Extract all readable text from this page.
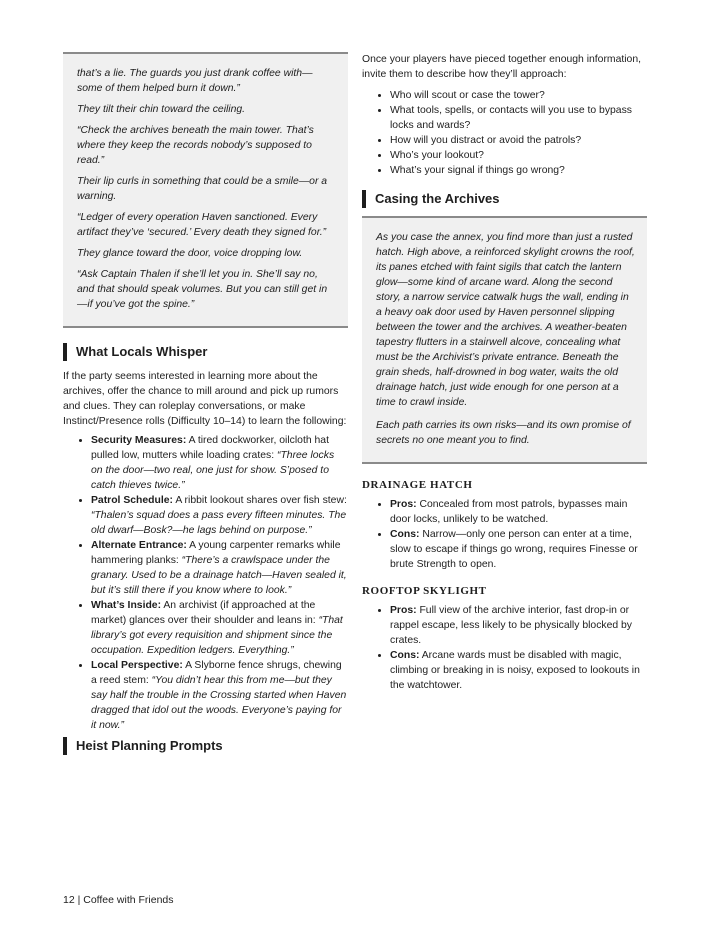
that’s a lie. The guards you just drank coffee with—some of them helped burn it down.”

They tilt their chin toward the ceiling.

“Check the archives beneath the main tower. That’s where they keep the records nobody’s supposed to read.”

Their lip curls in something that could be a smile—or a warning.

“Ledger of every operation Haven sanctioned. Every artifact they’ve ‘secured.’ Every death they signed for.”

They glance toward the door, voice dropping low.

“Ask Captain Thalen if she’ll let you in. She’ll say no, and that should speak volumes. But you can still get in—if you’ve got the spine.”

What Locals Whisper

If the party seems interested in learning more about the archives, offer the chance to mill around and pick up rumors and clues. They can roleplay conversations, or make Instinct/Presence rolls (Difficulty 10–14) to learn the following:

• Security Measures: A tired dockworker, oilcloth hat pulled low, mutters while loading crates: “Three locks on the door—two real, one just for show. S’posed to catch thieves twice.”
• Patrol Schedule: A ribbit lookout shares over fish stew: “Thalen’s squad does a pass every fifteen minutes. The old dwarf—Bosk?—he lags behind on purpose.”
• Alternate Entrance: A young carpenter remarks while hammering planks: “There’s a crawlspace under the granary. Used to be a drainage hatch—Haven sealed it, but it’s still there if you know where to look.”
• What’s Inside: An archivist (if approached at the market) glances over their shoulder and leans in: “That library’s got every requisition and shipment since the occupation. Expedition ledgers. Everything.”
• Local Perspective: A Slyborne fence shrugs, chewing a reed stem: “You didn’t hear this from me—but they say half the trouble in the Crossing started when Haven dragged that idol out the woods. Everyone’s paying for it now.”
Heist Planning Prompts

Once your players have pieced together enough information, invite them to describe how they’ll approach:

• Who will scout or case the tower?
• What tools, spells, or contacts will you use to bypass locks and wards?
• How will you distract or avoid the patrols?
• Who’s your lookout?
• What’s your signal if things go wrong?
Casing the Archives

As you case the annex, you find more than just a rusted hatch. High above, a reinforced skylight crowns the roof, its panes etched with faint sigils that catch the lantern glow—some kind of arcane ward. Along the second story, a narrow service catwalk hugs the wall, ending in a heavy oak door used by Haven personnel slipping between the tower and the archives. A weather-beaten tapestry flutters in a stairwell alcove, concealing what must be the Archivist’s private entrance. Beneath the grain sheds, half-drowned in bog water, waits the old drainage hatch, just wide enough for one person at a time to crawl inside.

Each path carries its own risks—and its own promise of secrets no one meant you to find.

DRAINAGE HATCH
• Pros: Concealed from most patrols, bypasses main door locks, unlikely to be watched.
• Cons: Narrow—only one person can enter at a time, slow to escape if things go wrong, requires Finesse or brute Strength to open.
ROOFTOP SKYLIGHT
• Pros: Full view of the archive interior, fast drop-in or rappel escape, less likely to be physically blocked by crates.
• Cons: Arcane wards must be disabled with magic, climbing or breaking in is noisy, exposed to lookouts in the watchtower.
12 | Coffee with Friends
